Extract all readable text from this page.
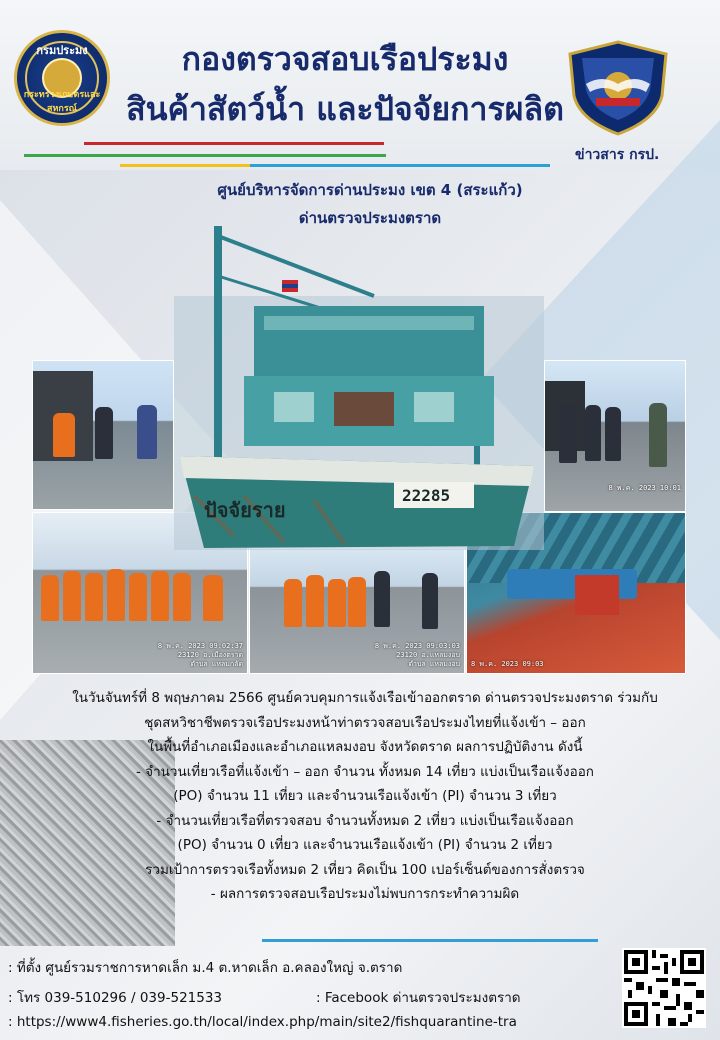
กรมประมง
กระทรวงเกษตรและสหกรณ์
กองตรวจสอบเรือประมง
สินค้าสัตว์น้ำ และปัจจัยการผลิต
ข่าวสาร กรป.
ศูนย์บริหารจัดการด่านประมง เขต 4 (สระแก้ว)
ด่านตรวจประมงตราด
8 พ.ค. 2023 09:02:37
23120 อ.เมืองตราด
ตำบล แหลมกลัด
8 พ.ค. 2023 09:03:03
23120 อ.แหลมงอบ
ตำบล แหลมงอบ
8 พ.ค. 2023 10:01
8 พ.ค. 2023 09:03
ปัจจัยราย
22285
ในวันจันทร์ที่ 8 พฤษภาคม 2566 ศูนย์ควบคุมการแจ้งเรือเข้าออกตราด ด่านตรวจประมงตราด ร่วมกับ
ชุดสหวิชาชีพตรวจเรือประมงหน้าท่าตรวจสอบเรือประมงไทยที่แจ้งเข้า – ออก
ในพื้นที่อำเภอเมืองและอำเภอแหลมงอบ จังหวัดตราด ผลการปฏิบัติงาน ดังนี้
- จำนวนเที่ยวเรือที่แจ้งเข้า – ออก จำนวน ทั้งหมด 14 เที่ยว แบ่งเป็นเรือแจ้งออก
(PO) จำนวน 11 เที่ยว และจำนวนเรือแจ้งเข้า (PI) จำนวน 3 เที่ยว
- จำนวนเที่ยวเรือที่ตรวจสอบ จำนวนทั้งหมด 2 เที่ยว แบ่งเป็นเรือแจ้งออก
(PO) จำนวน 0 เที่ยว และจำนวนเรือแจ้งเข้า (PI) จำนวน 2 เที่ยว
รวมเป้าการตรวจเรือทั้งหมด 2 เที่ยว คิดเป็น 100 เปอร์เซ็นต์ของการสั่งตรวจ
- ผลการตรวจสอบเรือประมงไม่พบการกระทำความผิด
: ที่ตั้ง ศูนย์รวมราชการหาดเล็ก ม.4 ต.หาดเล็ก อ.คลองใหญ่ จ.ตราด
: โทร 039-510296 / 039-521533	: Facebook ด่านตรวจประมงตราด
: https://www4.fisheries.go.th/local/index.php/main/site2/fishquarantine-tra
